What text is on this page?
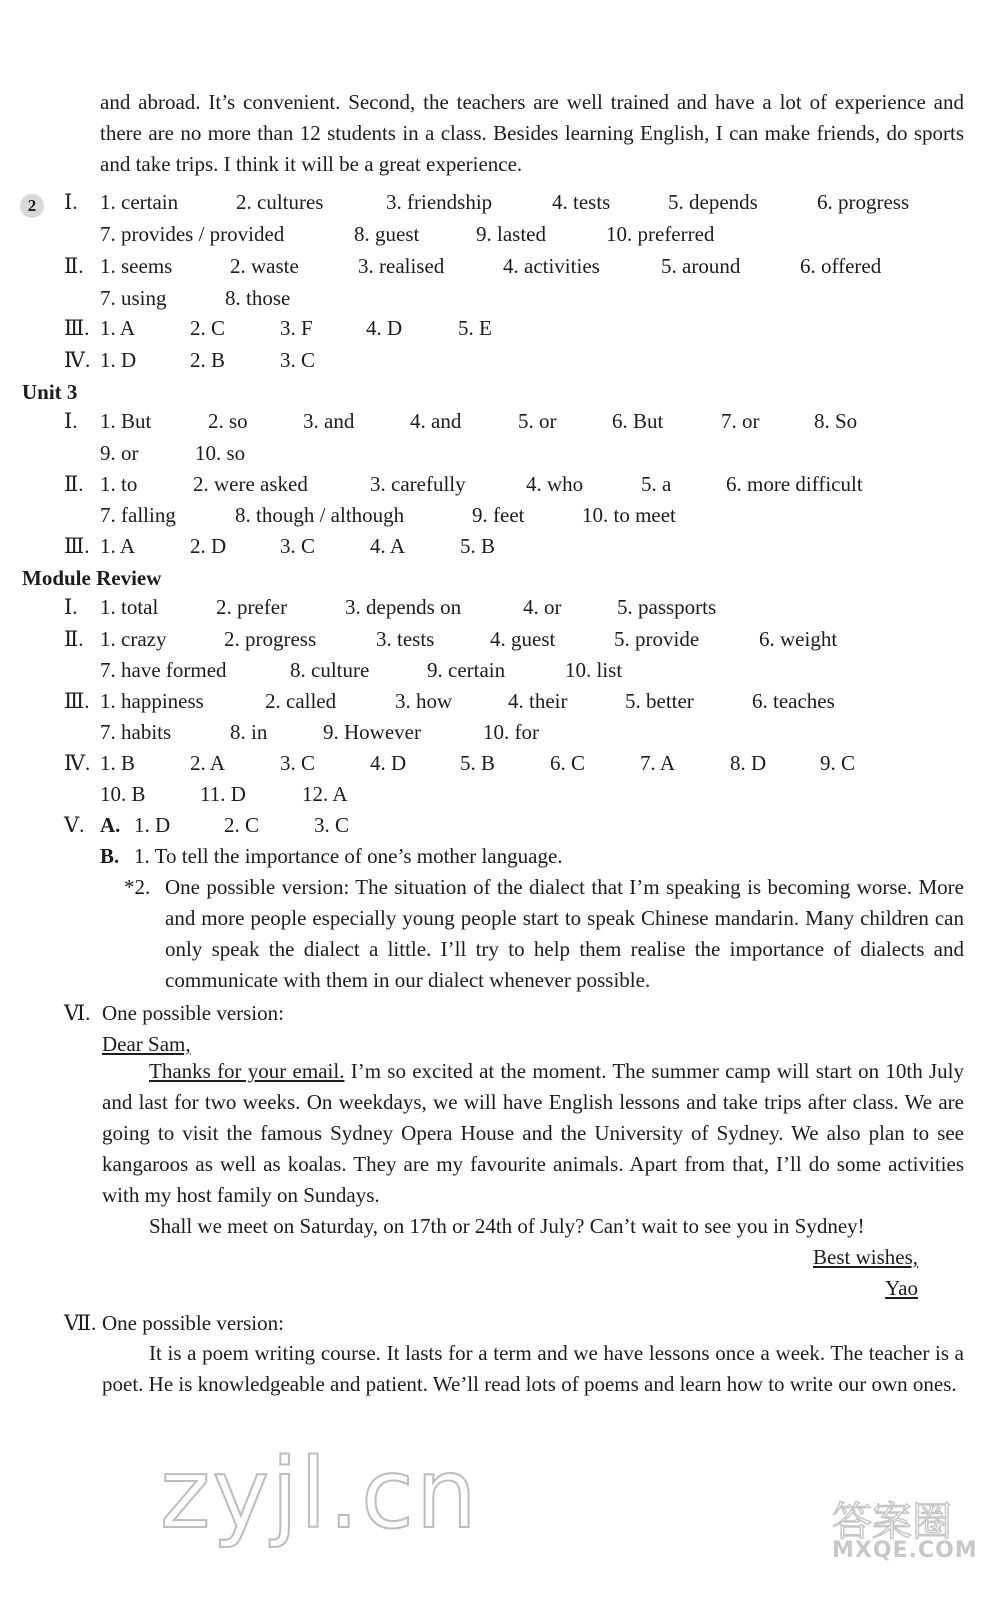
and abroad. It’s convenient. Second, the teachers are well trained and have a lot of experience and there are no more than 12 students in a class. Besides learning English, I can make friends, do sports and take trips. I think it will be a great experience.
2	Ⅰ. 1. certain	2. cultures	3. friendship	4. tests	5. depends	6. progress
7. provides / provided	8. guest	9. lasted	10. preferred
Ⅱ. 1. seems	2. waste	3. realised	4. activities	5. around	6. offered
7. using	8. those
Ⅲ. 1. A	2. C	3. F	4. D	5. E
Ⅳ. 1. D	2. B	3. C
Unit 3
Ⅰ. 1. But	2. so	3. and	4. and	5. or	6. But	7. or	8. So
9. or	10. so
Ⅱ. 1. to	2. were asked	3. carefully	4. who	5. a	6. more difficult
7. falling	8. though / although	9. feet	10. to meet
Ⅲ. 1. A	2. D	3. C	4. A	5. B
Module Review
Ⅰ. 1. total	2. prefer	3. depends on	4. or	5. passports
Ⅱ. 1. crazy	2. progress	3. tests	4. guest	5. provide	6. weight
7. have formed	8. culture	9. certain	10. list
Ⅲ. 1. happiness	2. called	3. how	4. their	5. better	6. teaches
7. habits	8. in	9. However	10. for
Ⅳ. 1. B	2. A	3. C	4. D	5. B	6. C	7. A	8. D	9. C
10. B	11. D	12. A
Ⅴ. A. 1. D	2. C	3. C
B. 1. To tell the importance of one’s mother language.
*2. One possible version: The situation of the dialect that I’m speaking is becoming worse. More and more people especially young people start to speak Chinese mandarin. Many children can only speak the dialect a little. I’ll try to help them realise the importance of dialects and communicate with them in our dialect whenever possible.
Ⅵ. One possible version:
Dear Sam,
Thanks for your email. I’m so excited at the moment. The summer camp will start on 10th July and last for two weeks. On weekdays, we will have English lessons and take trips after class. We are going to visit the famous Sydney Opera House and the University of Sydney. We also plan to see kangaroos as well as koalas. They are my favourite animals. Apart from that, I’ll do some activities with my host family on Sundays.
Shall we meet on Saturday, on 17th or 24th of July? Can’t wait to see you in Sydney!
Best wishes,
Yao
Ⅶ. One possible version:
It is a poem writing course. It lasts for a term and we have lessons once a week. The teacher is a poet. He is knowledgeable and patient. We’ll read lots of poems and learn how to write our own ones.
zyjl.cn	答案圈
MXQE.COM
